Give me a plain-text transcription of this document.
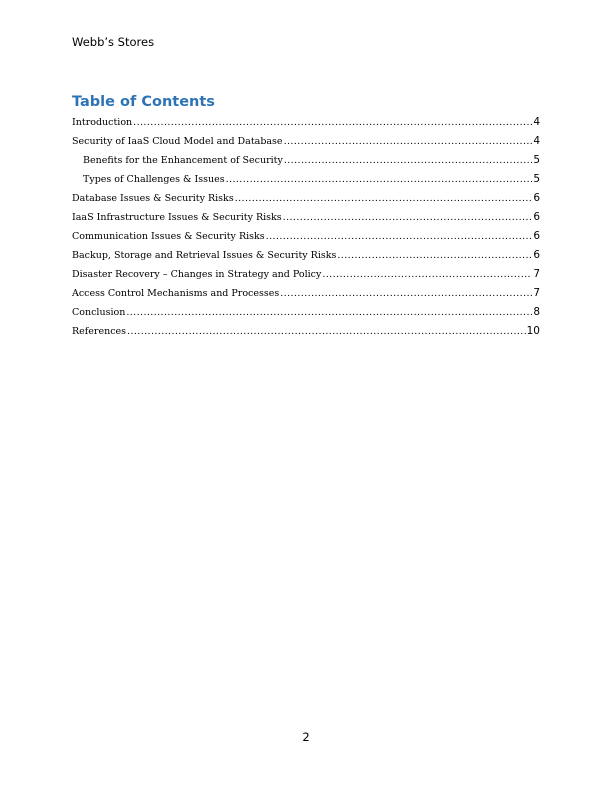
Webb’s Stores
Table of Contents
Introduction .....	4
Security of IaaS Cloud Model and Database .....	4
Benefits for the Enhancement of Security .....	5
Types of Challenges & Issues .....	5
Database Issues & Security Risks .....	6
IaaS Infrastructure Issues & Security Risks .....	6
Communication Issues & Security Risks .....	6
Backup, Storage and Retrieval Issues & Security Risks .....	6
Disaster Recovery – Changes in Strategy and Policy .....	7
Access Control Mechanisms and Processes .....	7
Conclusion .....	8
References .....	10
2
